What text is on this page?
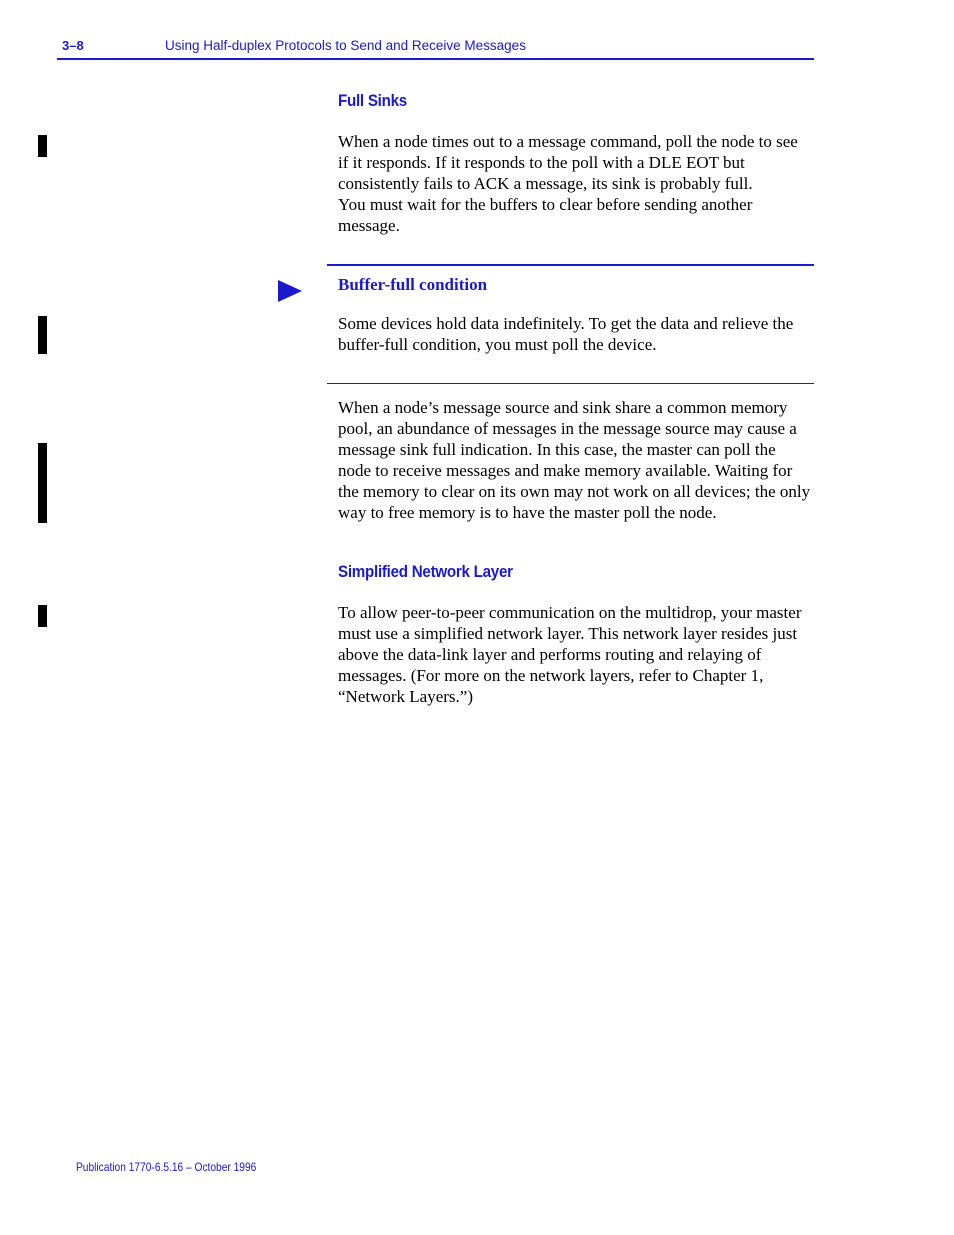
3–8	Using Half-duplex Protocols to Send and Receive Messages
Full Sinks

When a node times out to a message command, poll the node to see

if it responds. If it responds to the poll with a DLE EOT but

consistently fails to ACK a message, its sink is probably full.

You must wait for the buffers to clear before sending another

message.

Buffer-full condition

Some devices hold data indefinitely. To get the data and relieve the

buffer-full condition, you must poll the device.

When a node’s message source and sink share a common memory

pool, an abundance of messages in the message source may cause a

message sink full indication. In this case, the master can poll the

node to receive messages and make memory available. Waiting for

the memory to clear on its own may not work on all devices; the only

way to free memory is to have the master poll the node.

Simplified Network Layer

To allow peer-to-peer communication on the multidrop, your master

must use a simplified network layer. This network layer resides just

above the data-link layer and performs routing and relaying of

messages. (For more on the network layers, refer to Chapter 1,

“Network Layers.”)

Publication 1770-6.5.16 – October 1996
